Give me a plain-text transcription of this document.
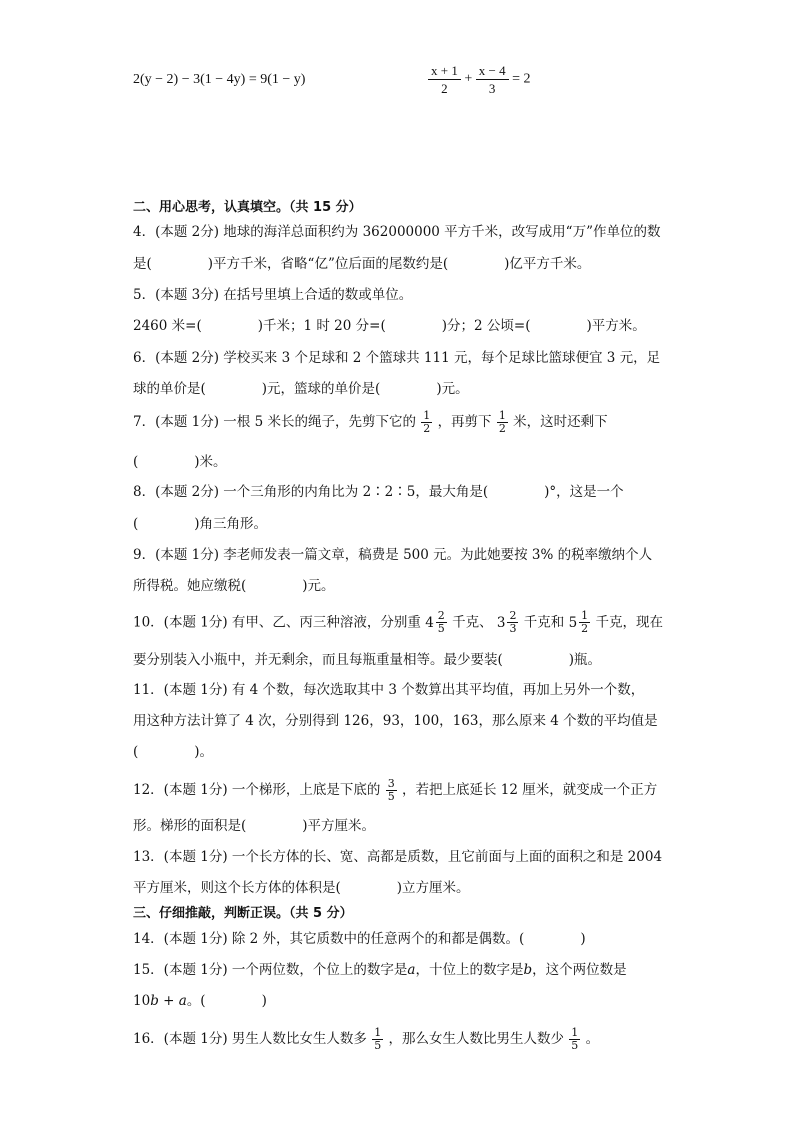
2(y − 2) − 3(1 − 4y) = 9(1 − y)	$\frac{x + 1}{2} + \frac{x - 4}{3} = 2$
二、用心思考，认真填空。（共 15 分）
4．(本题 2分) 地球的海洋总面积约为 362000000 平方千米，改写成用“万”作单位的数
是(	)平方千米，省略“亿”位后面的尾数约是(	)亿平方千米。
5．(本题 3分) 在括号里填上合适的数或单位。
2460 米=(	)千米；1 时 20 分=(	)分；2 公顷=(	)平方米。
6．(本题 2分) 学校买来 3 个足球和 2 个篮球共 111 元，每个足球比篮球便宜 3 元，足
球的单价是(	)元，篮球的单价是(	)元。
7．(本题 1分) 一根 5 米长的绳子，先剪下它的 $\frac{1}{2}$ ，再剪下 $\frac{1}{2}$ 米，这时还剩下
(	)米。
8．(本题 2分) 一个三角形的内角比为 2∶2∶5，最大角是(	)°，这是一个
(	)角三角形。
9．(本题 1分) 李老师发表一篇文章，稿费是 500 元。为此她要按 3% 的税率缴纳个人
所得税。她应缴税(	)元。
10．(本题 1分) 有甲、乙、丙三种溶液，分别重 $4 \frac{2}{5}$ 千克、 $3 \frac{2}{3}$ 千克和 $5 \frac{1}{2}$ 千克，现在
要分别装入小瓶中，并无剩余，而且每瓶重量相等。最少要装(	)瓶。
11．(本题 1分) 有 4 个数，每次选取其中 3 个数算出其平均值，再加上另外一个数，
用这种方法计算了 4 次，分别得到 126，93，100，163，那么原来 4 个数的平均值是
(	)。
12．(本题 1分) 一个梯形，上底是下底的 $\frac{3}{5}$ ，若把上底延长 12 厘米，就变成一个正方
形。梯形的面积是(	)平方厘米。
13．(本题 1分) 一个长方体的长、宽、高都是质数，且它前面与上面的面积之和是 2004
平方厘米，则这个长方体的体积是(	)立方厘米。
三、仔细推敲，判断正误。（共 5 分）
14．(本题 1分) 除 2 外，其它质数中的任意两个的和都是偶数。(	)
15．(本题 1分) 一个两位数，个位上的数字是a，十位上的数字是b，这个两位数是
10b + a。(	)
16．(本题 1分) 男生人数比女生人数多 $\frac{1}{5}$ ，那么女生人数比男生人数少 $\frac{1}{5}$ 。
